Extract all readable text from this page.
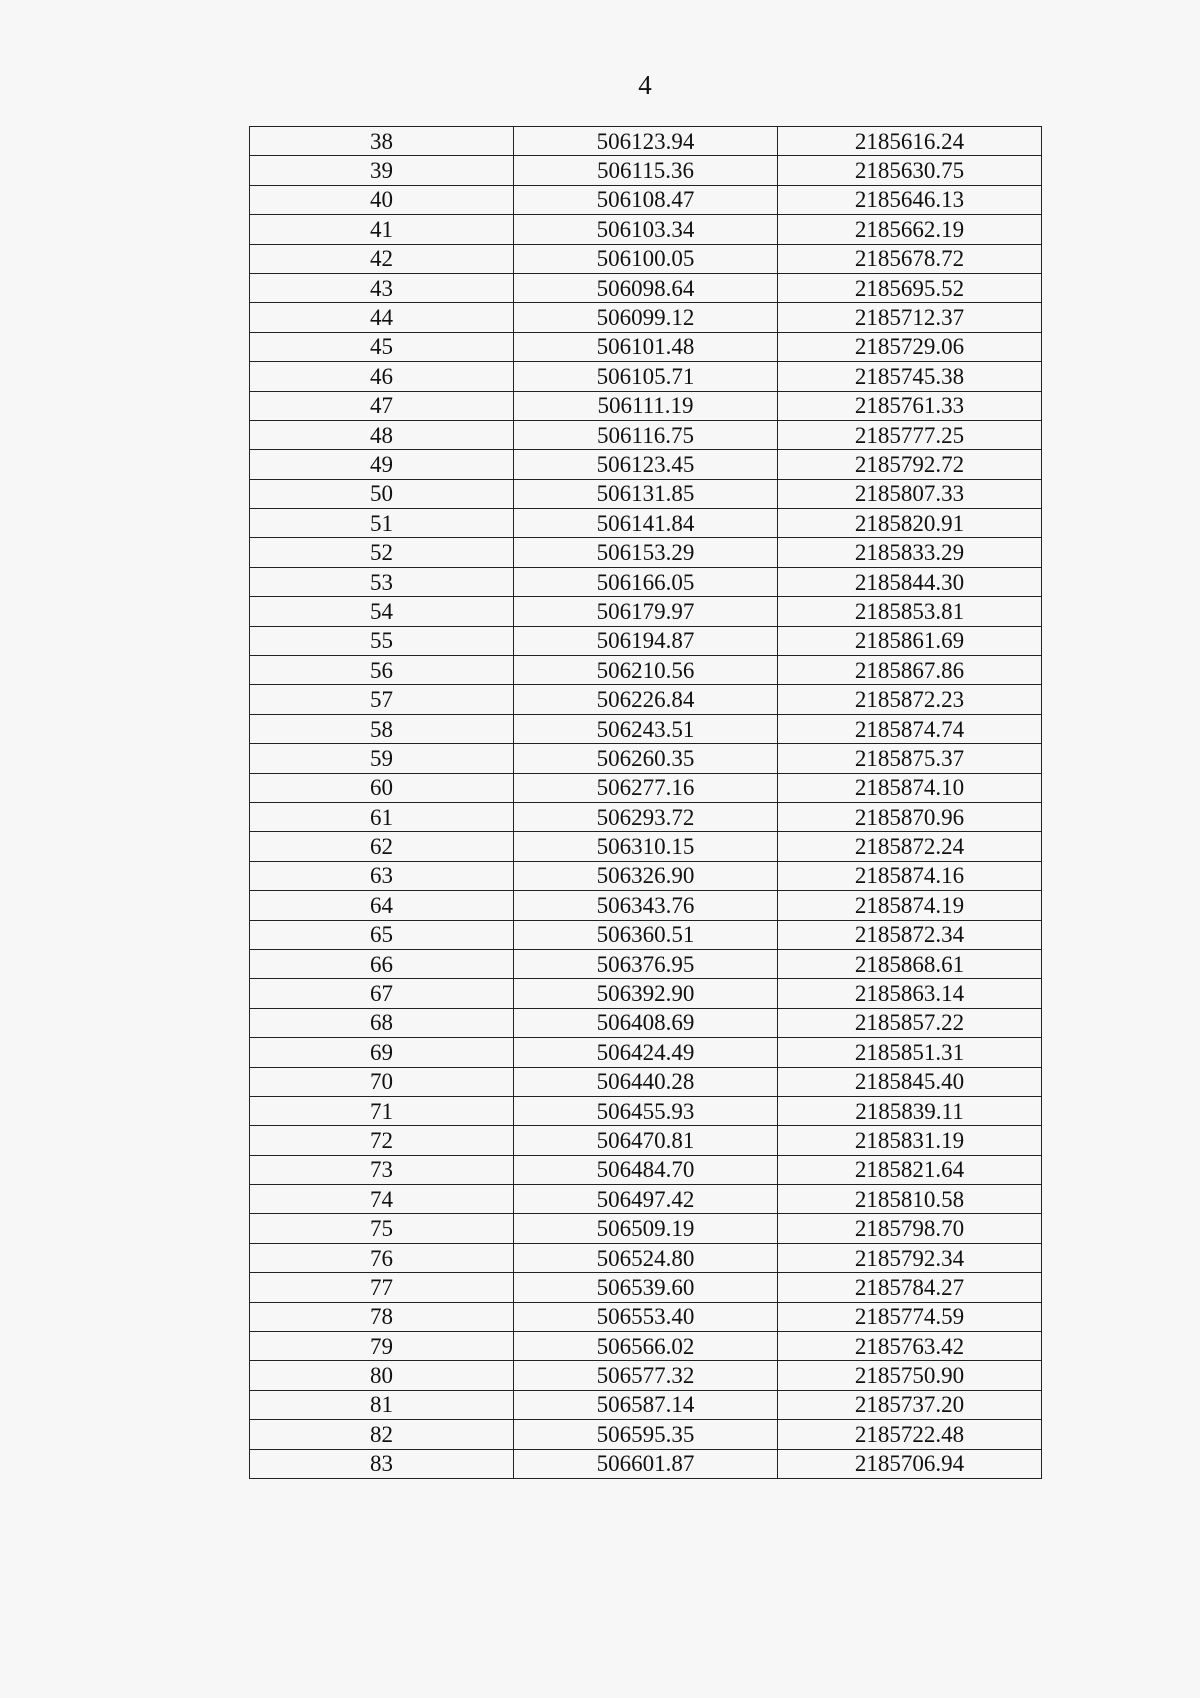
4
38	506123.94	2185616.24
39	506115.36	2185630.75
40	506108.47	2185646.13
41	506103.34	2185662.19
42	506100.05	2185678.72
43	506098.64	2185695.52
44	506099.12	2185712.37
45	506101.48	2185729.06
46	506105.71	2185745.38
47	506111.19	2185761.33
48	506116.75	2185777.25
49	506123.45	2185792.72
50	506131.85	2185807.33
51	506141.84	2185820.91
52	506153.29	2185833.29
53	506166.05	2185844.30
54	506179.97	2185853.81
55	506194.87	2185861.69
56	506210.56	2185867.86
57	506226.84	2185872.23
58	506243.51	2185874.74
59	506260.35	2185875.37
60	506277.16	2185874.10
61	506293.72	2185870.96
62	506310.15	2185872.24
63	506326.90	2185874.16
64	506343.76	2185874.19
65	506360.51	2185872.34
66	506376.95	2185868.61
67	506392.90	2185863.14
68	506408.69	2185857.22
69	506424.49	2185851.31
70	506440.28	2185845.40
71	506455.93	2185839.11
72	506470.81	2185831.19
73	506484.70	2185821.64
74	506497.42	2185810.58
75	506509.19	2185798.70
76	506524.80	2185792.34
77	506539.60	2185784.27
78	506553.40	2185774.59
79	506566.02	2185763.42
80	506577.32	2185750.90
81	506587.14	2185737.20
82	506595.35	2185722.48
83	506601.87	2185706.94
